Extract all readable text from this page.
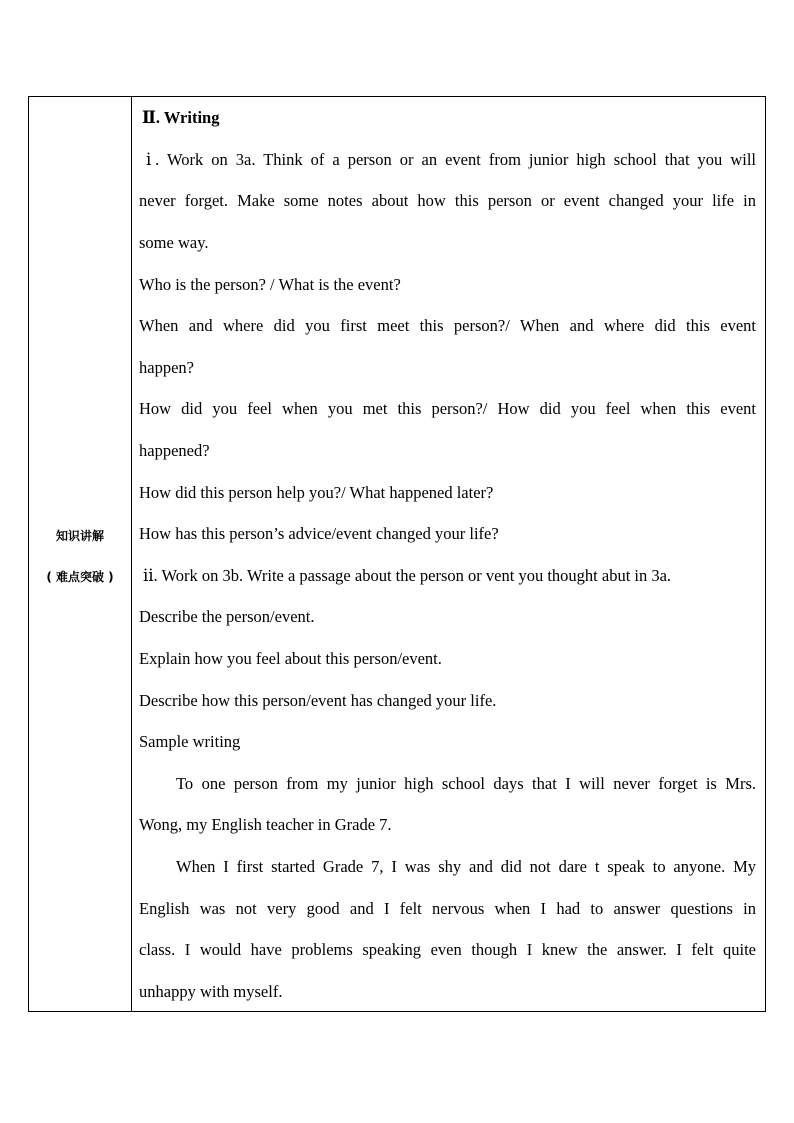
知识讲解
( 难点突破 )
Ⅱ. Writing
ⅰ. Work on 3a. Think of a person or an event from junior high school that you will
never forget. Make some notes about how this person or event changed your life in
some way.
Who is the person? / What is the event?
When and where did you first meet this person?/ When and where did this event
happen?
How did you feel when you met this person?/ How did you feel when this event
happened?
How did this person help you?/ What happened later?
How has this person’s advice/event changed your life?
ⅱ. Work on 3b. Write a passage about the person or vent you thought abut in 3a.
Describe the person/event.
Explain how you feel about this person/event.
Describe how this person/event has changed your life.
Sample writing
To one person from my junior high school days that I will never forget is Mrs.
Wong, my English teacher in Grade 7.
When I first started Grade 7, I was shy and did not dare t speak to anyone. My
English was not very good and I felt nervous when I had to answer questions in
class. I would have problems speaking even though I knew the answer. I felt quite
unhappy with myself.
